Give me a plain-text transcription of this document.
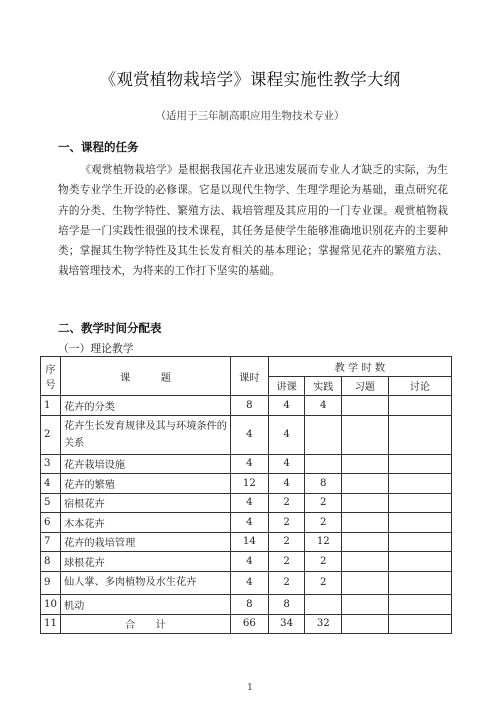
《观赏植物栽培学》课程实施性教学大纲
（适用于三年制高职应用生物技术专业）
一、课程的任务
《观赏植物栽培学》是根据我国花卉业迅速发展而专业人才缺乏的实际，为生物类专业学生开设的必修课。它是以现代生物学、生理学理论为基础，重点研究花卉的分类、生物学特性、繁殖方法、栽培管理及其应用的一门专业课。观赏植物栽培学是一门实践性很强的技术课程，其任务是使学生能够准确地识别花卉的主要种类；掌握其生物学特性及其生长发育相关的基本理论；掌握常见花卉的繁殖方法、栽培管理技术，为将来的工作打下坚实的基础。
二、教学时间分配表
（一）理论教学
序号	课　　　题	课时	教 学 时 数			
			讲课	实践	习题	讨论
1	花卉的分类	8	4	4		
2	花卉生长发育规律及其与环境条件的关系	4	4			
3	花卉栽培设施	4	4			
4	花卉的繁殖	12	4	8		
5	宿根花卉	4	2	2		
6	木本花卉	4	2	2		
7	花卉的栽培管理	14	2	12		
8	球根花卉	4	2	2		
9	仙人掌、多肉植物及水生花卉	4	2	2		
10	机动	8	8			
11	合　　计	66	34	32		
1
